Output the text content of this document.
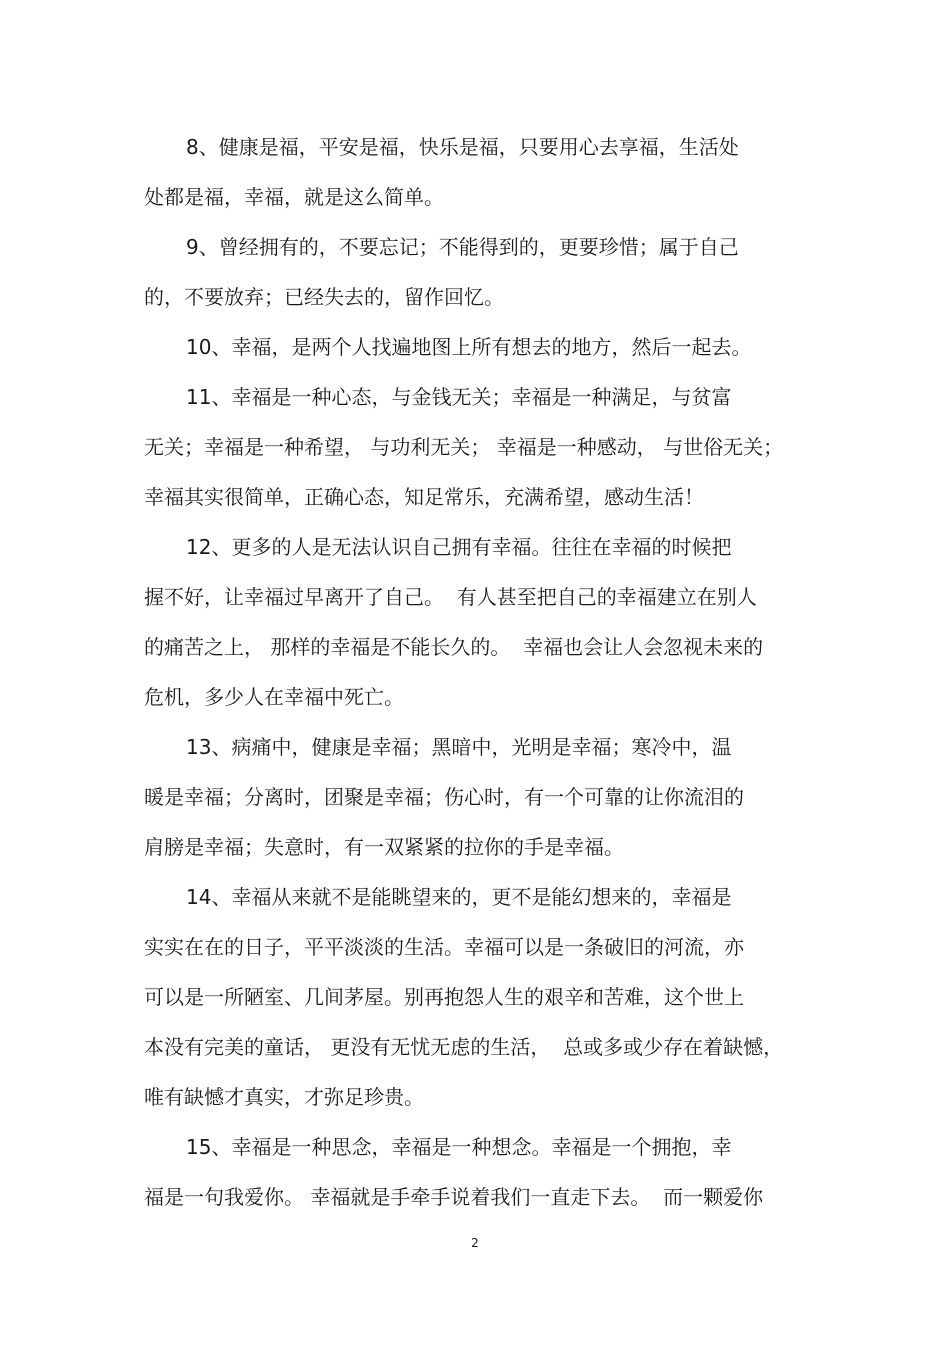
8、健康是福，平安是福，快乐是福，只要用心去享福，生活处
处都是福，幸福，就是这么简单。
9、曾经拥有的，不要忘记；不能得到的，更要珍惜；属于自己
的，不要放弃；已经失去的，留作回忆。
10、幸福，是两个人找遍地图上所有想去的地方，然后一起去。
11、幸福是一种心态，与金钱无关；幸福是一种满足，与贫富
无关；幸福是一种希望， 与功利无关； 幸福是一种感动， 与世俗无关；
幸福其实很简单，正确心态，知足常乐，充满希望，感动生活！
12、更多的人是无法认识自己拥有幸福。往往在幸福的时候把
握不好，让幸福过早离开了自己。  有人甚至把自己的幸福建立在别人
的痛苦之上， 那样的幸福是不能长久的。  幸福也会让人会忽视未来的
危机，多少人在幸福中死亡。
13、病痛中，健康是幸福；黑暗中，光明是幸福；寒冷中，温
暖是幸福；分离时，团聚是幸福；伤心时，有一个可靠的让你流泪的
肩膀是幸福；失意时，有一双紧紧的拉你的手是幸福。
14、幸福从来就不是能眺望来的，更不是能幻想来的，幸福是
实实在在的日子，平平淡淡的生活。幸福可以是一条破旧的河流，亦
可以是一所陋室、几间茅屋。别再抱怨人生的艰辛和苦难，这个世上
本没有完美的童话， 更没有无忧无虑的生活，  总或多或少存在着缺憾，
唯有缺憾才真实，才弥足珍贵。
15、幸福是一种思念，幸福是一种想念。幸福是一个拥抱，幸
福是一句我爱你。 幸福就是手牵手说着我们一直走下去。  而一颗爱你
2
